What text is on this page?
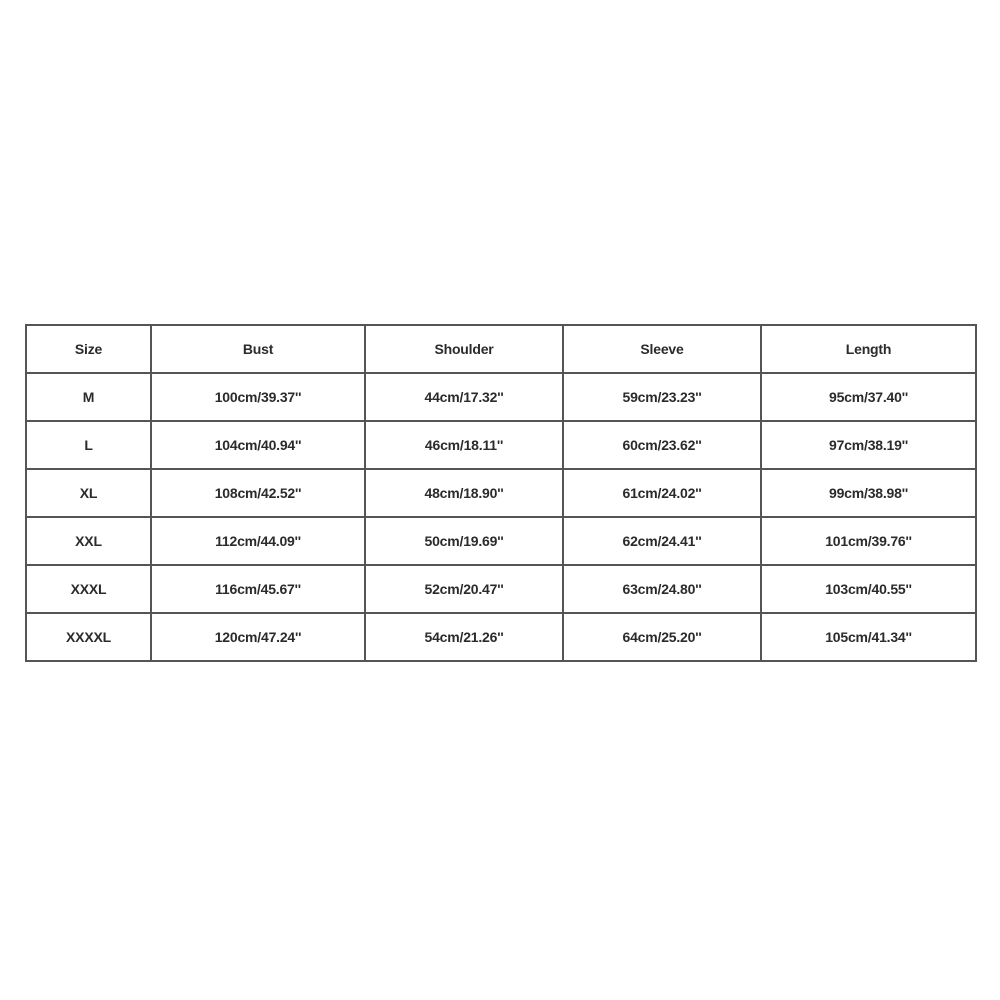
Size	Bust	Shoulder	Sleeve	Length
M	100cm/39.37''	44cm/17.32''	59cm/23.23''	95cm/37.40''
L	104cm/40.94''	46cm/18.11''	60cm/23.62''	97cm/38.19''
XL	108cm/42.52''	48cm/18.90''	61cm/24.02''	99cm/38.98''
XXL	112cm/44.09''	50cm/19.69''	62cm/24.41''	101cm/39.76''
XXXL	116cm/45.67''	52cm/20.47''	63cm/24.80''	103cm/40.55''
XXXXL	120cm/47.24''	54cm/21.26''	64cm/25.20''	105cm/41.34''
